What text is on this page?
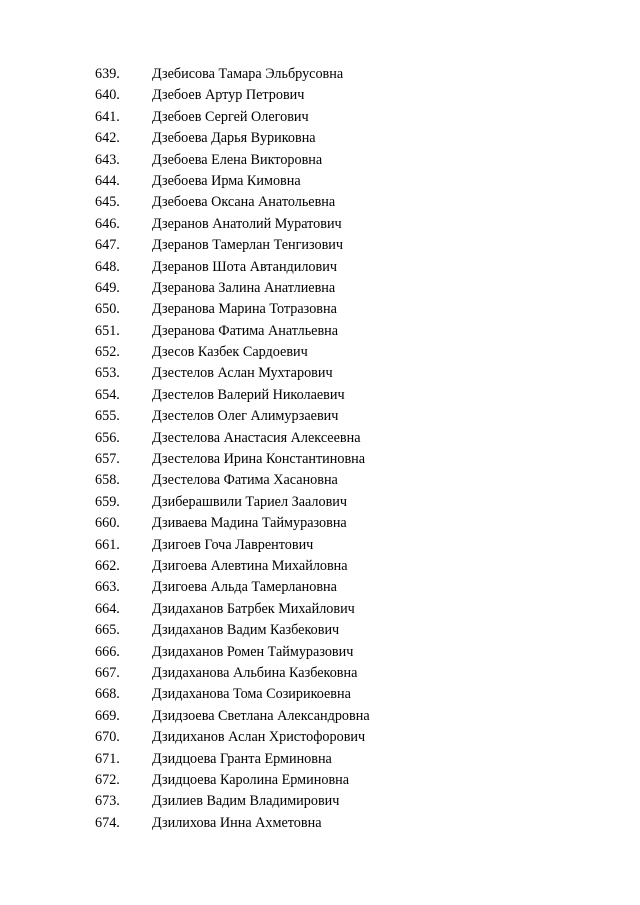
639. Дзебисова Тамара Эльбрусовна
640. Дзебоев Артур Петрович
641. Дзебоев Сергей Олегович
642. Дзебоева Дарья Вуриковна
643. Дзебоева Елена Викторовна
644. Дзебоева Ирма Кимовна
645. Дзебоева Оксана Анатольевна
646. Дзеранов Анатолий Муратович
647. Дзеранов Тамерлан Тенгизович
648. Дзеранов Шота Автандилович
649. Дзеранова Залина Анатлиевна
650. Дзеранова Марина Тотразовна
651. Дзеранова Фатима Анатльевна
652. Дзесов Казбек Сардоевич
653. Дзестелов Аслан Мухтарович
654. Дзестелов Валерий Николаевич
655. Дзестелов Олег Алимурзаевич
656. Дзестелова Анастасия Алексеевна
657. Дзестелова Ирина Константиновна
658. Дзестелова Фатима Хасановна
659. Дзиберашвили Тариел Заалович
660. Дзиваева Мадина Таймуразовна
661. Дзигоев Гоча Лаврентович
662. Дзигоева Алевтина Михайловна
663. Дзигоева Альда Тамерлановна
664. Дзидаханов Батрбек Михайлович
665. Дзидаханов Вадим Казбекович
666. Дзидаханов Ромен Таймуразович
667. Дзидаханова Альбина Казбековна
668. Дзидаханова Тома Созирикоевна
669. Дзидзоева Светлана Александровна
670. Дзидиханов Аслан Христофорович
671. Дзидцоева Гранта Ерминовна
672. Дзидцоева Каролина Ерминовна
673. Дзилиев Вадим Владимирович
674. Дзилихова Инна Ахметовна
